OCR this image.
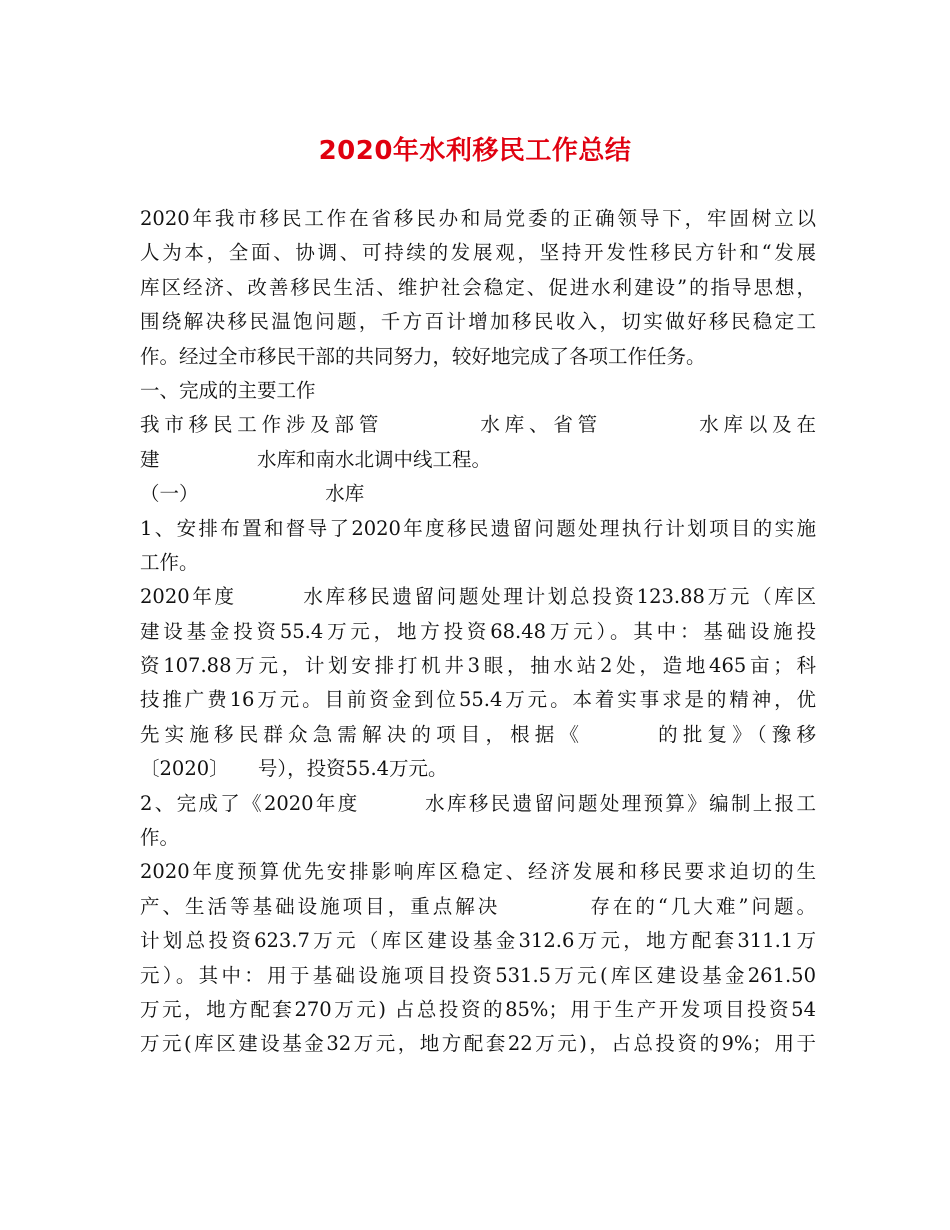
2020年水利移民工作总结
2020年我市移民工作在省移民办和局党委的正确领导下，牢固树立以
人为本，全面、协调、可持续的发展观，坚持开发性移民方针和“发展
库区经济、改善移民生活、维护社会稳定、促进水利建设”的指导思想，
围绕解决移民温饱问题，千方百计增加移民收入，切实做好移民稳定工
作。经过全市移民干部的共同努力，较好地完成了各项工作任务。
一、完成的主要工作
我市移民工作涉及部管　　　　水库、省管　　　　水库以及在
建　　　　　水库和南水北调中线工程。
（一）　　　　　　　水库
1、安排布置和督导了2020年度移民遗留问题处理执行计划项目的实施
工作。
2020年度　　　水库移民遗留问题处理计划总投资123.88万元（库区
建设基金投资55.4万元，地方投资68.48万元）。其中：基础设施投
资107.88万元，计划安排打机井3眼，抽水站2处，造地465亩；科
技推广费16万元。目前资金到位55.4万元。本着实事求是的精神，优
先实施移民群众急需解决的项目，根据《　　　的批复》（豫移
〔2020〕　　号），投资55.4万元。
2、完成了《2020年度　　　水库移民遗留问题处理预算》编制上报工
作。
2020年度预算优先安排影响库区稳定、经济发展和移民要求迫切的生
产、生活等基础设施项目，重点解决　　　　存在的“几大难”问题。
计划总投资623.7万元（库区建设基金312.6万元，地方配套311.1万
元）。其中：用于基础设施项目投资531.5万元(库区建设基金261.50
万元，地方配套270万元) 占总投资的85%；用于生产开发项目投资54
万元(库区建设基金32万元，地方配套22万元)，占总投资的9%；用于
